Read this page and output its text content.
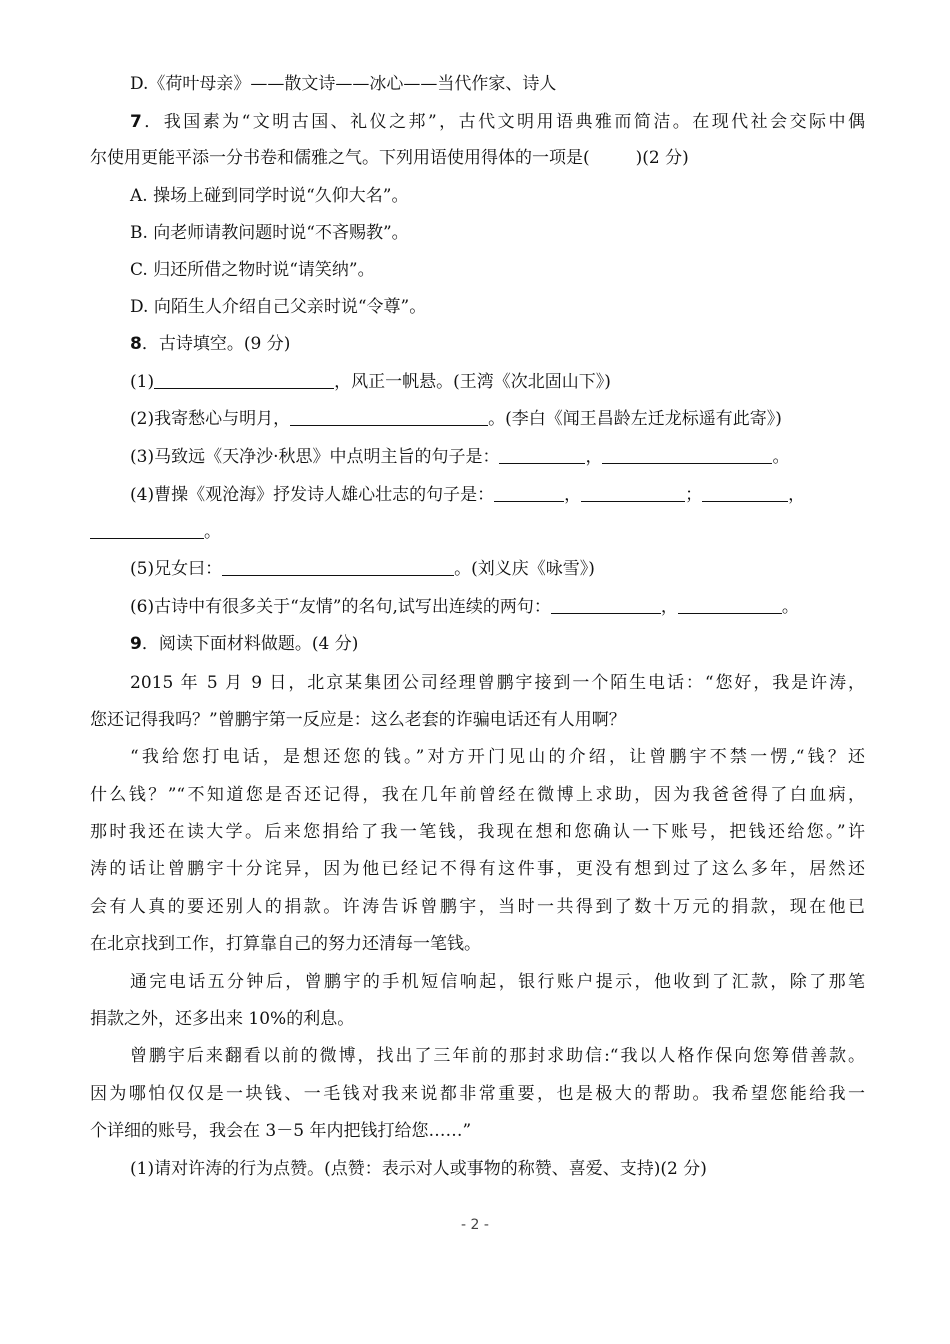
D.《荷叶母亲》——散文诗——冰心——当代作家、诗人
7．我国素为“文明古国、礼仪之邦”，古代文明用语典雅而简洁。在现代社会交际中偶
尔使用更能平添一分书卷和儒雅之气。下列用语使用得体的一项是(	)(2 分)
A. 操场上碰到同学时说“久仰大名”。
B. 向老师请教问题时说“不吝赐教”。
C. 归还所借之物时说“请笑纳”。
D. 向陌生人介绍自己父亲时说“令尊”。
8．古诗填空。(9 分)
(1)	，风正一帆悬。(王湾《次北固山下》)
(2)我寄愁心与明月，	。(李白《闻王昌龄左迁龙标遥有此寄》)
(3)马致远《天净沙·秋思》中点明主旨的句子是：	，	。
(4)曹操《观沧海》抒发诗人雄心壮志的句子是：	，	；	，
。
(5)兄女曰：	。(刘义庆《咏雪》)
(6)古诗中有很多关于“友情”的名句,试写出连续的两句：	，	。
9．阅读下面材料做题。(4 分)
2015 年 5 月 9 日，北京某集团公司经理曾鹏宇接到一个陌生电话：“您好，我是许涛，
您还记得我吗？”曾鹏宇第一反应是：这么老套的诈骗电话还有人用啊？
“我给您打电话，是想还您的钱。”对方开门见山的介绍，让曾鹏宇不禁一愣,“钱？还
什么钱？”“不知道您是否还记得，我在几年前曾经在微博上求助，因为我爸爸得了白血病，
那时我还在读大学。后来您捐给了我一笔钱，我现在想和您确认一下账号，把钱还给您。”许
涛的话让曾鹏宇十分诧异，因为他已经记不得有这件事，更没有想到过了这么多年，居然还
会有人真的要还别人的捐款。许涛告诉曾鹏宇，当时一共得到了数十万元的捐款，现在他已
在北京找到工作，打算靠自己的努力还清每一笔钱。
通完电话五分钟后，曾鹏宇的手机短信响起，银行账户提示，他收到了汇款，除了那笔
捐款之外，还多出来 10%的利息。
曾鹏宇后来翻看以前的微博，找出了三年前的那封求助信:“我以人格作保向您筹借善款。
因为哪怕仅仅是一块钱、一毛钱对我来说都非常重要，也是极大的帮助。我希望您能给我一
个详细的账号，我会在 3－5 年内把钱打给您……”
(1)请对许涛的行为点赞。(点赞：表示对人或事物的称赞、喜爱、支持)(2 分)
- 2 -
